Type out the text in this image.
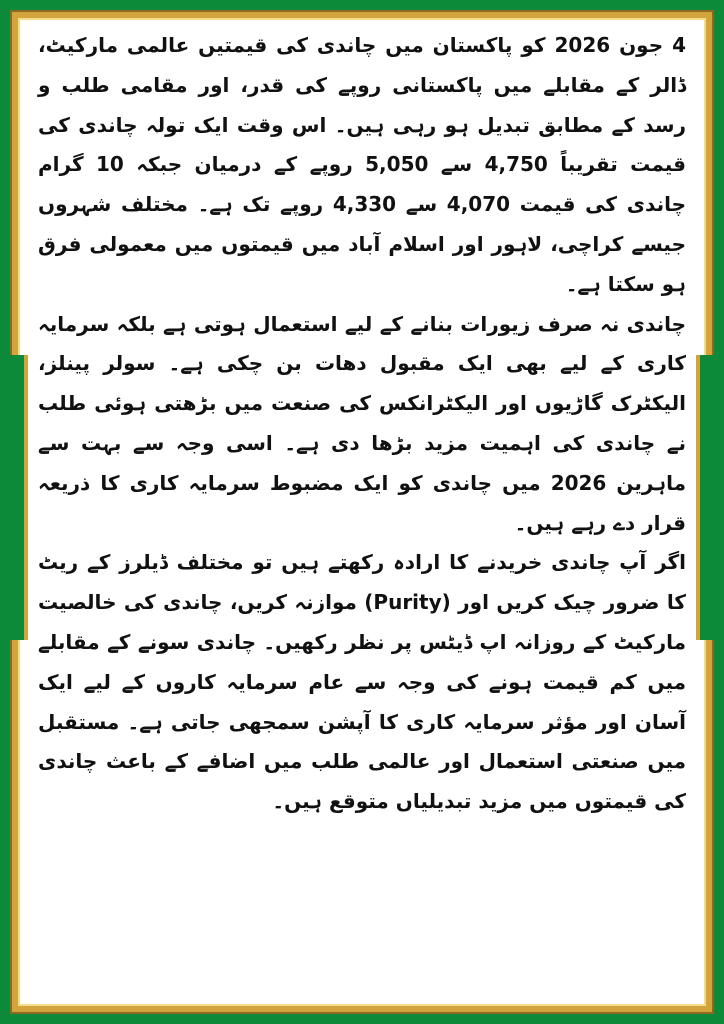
4 جون 2026 کو پاکستان میں چاندی کی قیمتیں عالمی مارکیٹ، ڈالر کے مقابلے میں پاکستانی روپے کی قدر، اور مقامی طلب و رسد کے مطابق تبدیل ہو رہی ہیں۔ اس وقت ایک تولہ چاندی کی قیمت تقریباً 4,750 سے 5,050 روپے کے درمیان جبکہ 10 گرام چاندی کی قیمت 4,070 سے 4,330 روپے تک ہے۔ مختلف شہروں جیسے کراچی، لاہور اور اسلام آباد میں قیمتوں میں معمولی فرق ہو سکتا ہے۔

چاندی نہ صرف زیورات بنانے کے لیے استعمال ہوتی ہے بلکہ سرمایہ کاری کے لیے بھی ایک مقبول دھات بن چکی ہے۔ سولر پینلز، الیکٹرک گاڑیوں اور الیکٹرانکس کی صنعت میں بڑھتی ہوئی طلب نے چاندی کی اہمیت مزید بڑھا دی ہے۔ اسی وجہ سے بہت سے ماہرین 2026 میں چاندی کو ایک مضبوط سرمایہ کاری کا ذریعہ قرار دے رہے ہیں۔

اگر آپ چاندی خریدنے کا ارادہ رکھتے ہیں تو مختلف ڈیلرز کے ریٹ کا ضرور چیک کریں اور (Purity) موازنہ کریں، چاندی کی خالصیت مارکیٹ کے روزانہ اپ ڈیٹس پر نظر رکھیں۔ چاندی سونے کے مقابلے میں کم قیمت ہونے کی وجہ سے عام سرمایہ کاروں کے لیے ایک آسان اور مؤثر سرمایہ کاری کا آپشن سمجھی جاتی ہے۔ مستقبل میں صنعتی استعمال اور عالمی طلب میں اضافے کے باعث چاندی کی قیمتوں میں مزید تبدیلیاں متوقع ہیں۔
